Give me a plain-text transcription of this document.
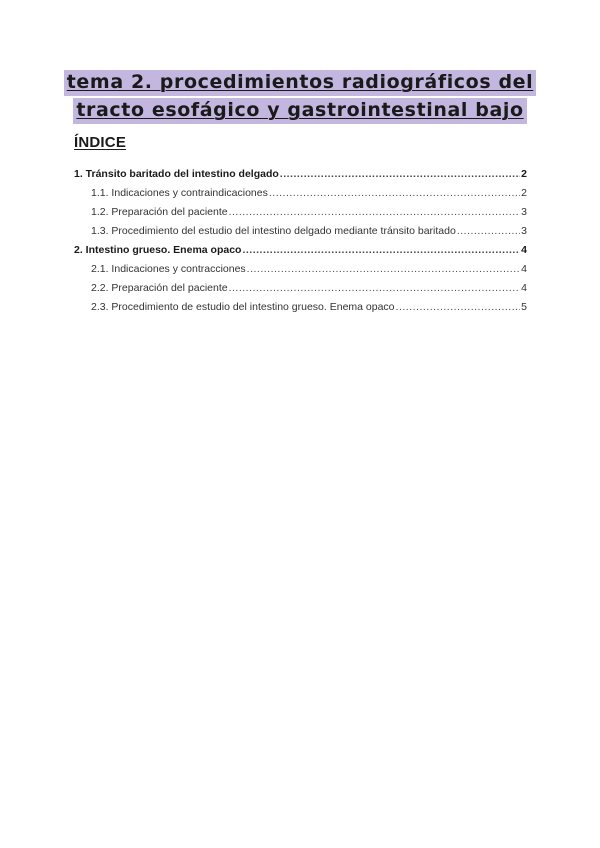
tema 2. procedimientos radiográficos del
tracto esofágico y gastrointestinal bajo
ÍNDICE
1. Tránsito baritado del intestino delgado .....	2
1.1. Indicaciones y contraindicaciones .....	2
1.2. Preparación del paciente .....	3
1.3. Procedimiento del estudio del intestino delgado mediante tránsito baritado .....	3
2. Intestino grueso. Enema opaco .....	4
2.1. Indicaciones y contracciones .....	4
2.2. Preparación del paciente .....	4
2.3. Procedimiento de estudio del intestino grueso. Enema opaco .....	5
